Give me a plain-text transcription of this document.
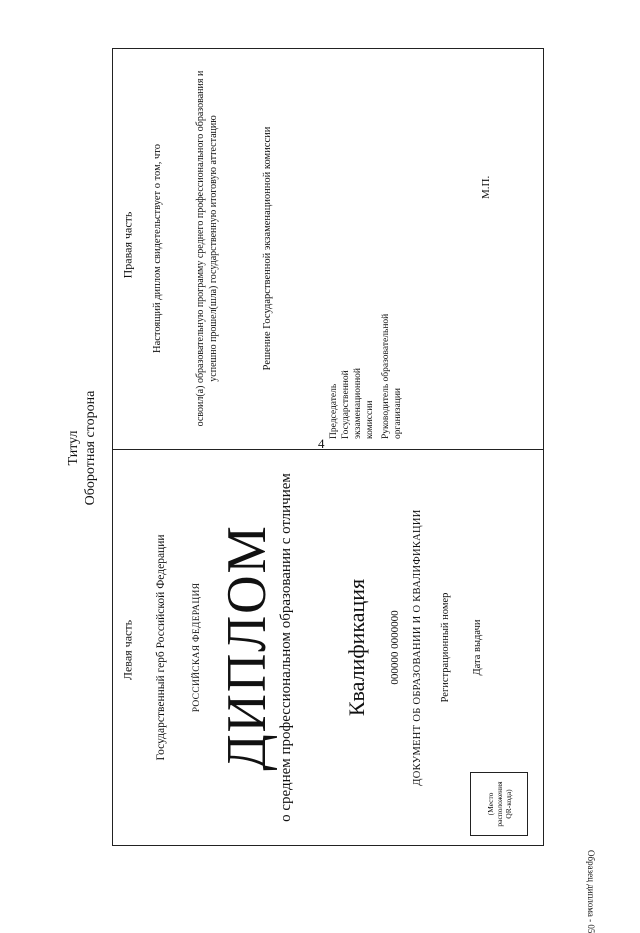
4
Титул Оборотная сторона
Левая часть
Правая часть
Государственный герб Российской Федерации	РОССИЙСКАЯ ФЕДЕРАЦИЯ ДИПЛОМ о среднем профессиональном образовании с отличием Квалификация 000000 0000000 ДОКУМЕНТ ОБ ОБРАЗОВАНИИ И О КВАЛИФИКАЦИИ Регистрационный номер Дата выдачи
(Место расположения QR-кода)
Настоящий диплом свидетельствует о том, что	освоил(а) образовательную программу среднего профессионального образования и успешно прошел(шла) государственную итоговую аттестацию	Решение Государственной экзаменационной комиссии
Председатель Государственной экзаменационной комиссии Руководитель образовательной организации
М.П.
Образец диплома - 05
